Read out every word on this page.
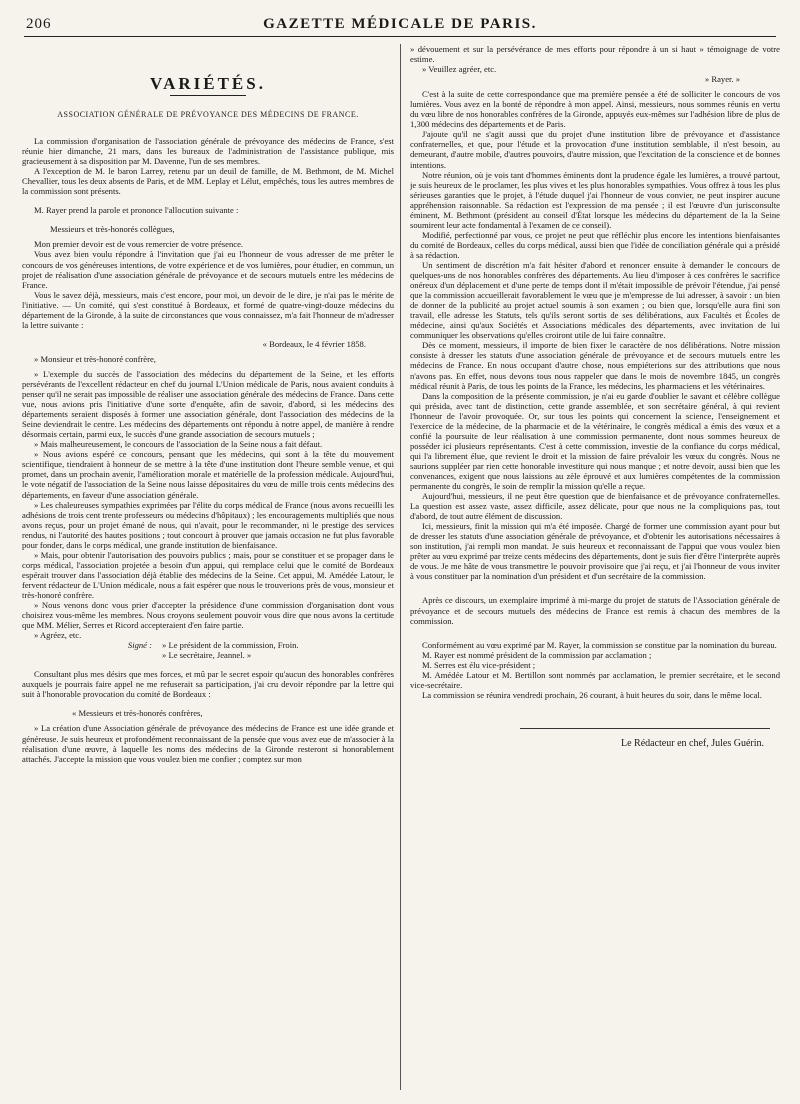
206	GAZETTE MÉDICALE DE PARIS.
VARIÉTÉS.
ASSOCIATION GÉNÉRALE DE PRÉVOYANCE DES MÉDECINS DE FRANCE.

La commission d'organisation de l'association générale de prévoyance des médecins de France, s'est réunie hier dimanche, 21 mars, dans les bureaux de l'administration de l'assistance publique, mis gracieusement à sa disposition par M. Davenne, l'un de ses membres.

A l'exception de M. le baron Larrey, retenu par un deuil de famille, de M. Bethmont, de M. Michel Chevallier, tous les deux absents de Paris, et de MM. Leplay et Lélut, empêchés, tous les autres membres de la commission sont présents.

M. Rayer prend la parole et prononce l'allocution suivante :

Messieurs et très-honorés collègues,

Mon premier devoir est de vous remercier de votre présence.

Vous avez bien voulu répondre à l'invitation que j'ai eu l'honneur de vous adresser de me prêter le concours de vos généreuses intentions, de votre expérience et de vos lumières, pour étudier, en commun, un projet de réalisation d'une association générale de prévoyance et de secours mutuels entre les médecins de France.

Vous le savez déjà, messieurs, mais c'est encore, pour moi, un devoir de le dire, je n'ai pas le mérite de l'initiative. — Un comité, qui s'est constitué à Bordeaux, et formé de quatre-vingt-douze médecins du département de la Gironde, à la suite de circonstances que vous connaissez, m'a fait l'honneur de m'adresser la lettre suivante :

« Bordeaux, le 4 février 1858.

» Monsieur et très-honoré confrère,

» L'exemple du succès de l'association des médecins du département de la Seine, et les efforts persévérants de l'excellent rédacteur en chef du journal L'Union médicale de Paris, nous avaient conduits à penser qu'il ne serait pas impossible de réaliser une association générale des médecins de France. Dans cette vue, nous avions pris l'initiative d'une sorte d'enquête, afin de savoir, d'abord, si les médecins des départements seraient disposés à former une association générale, dont l'association des médecins de la Seine deviendrait le centre. Les médecins des départements ont répondu à notre appel, de manière à rendre désormais certain, parmi eux, le succès d'une grande association de secours mutuels ;

» Mais malheureusement, le concours de l'association de la Seine nous a fait défaut.

» Nous avions espéré ce concours, pensant que les médecins, qui sont à la tête du mouvement scientifique, tiendraient à honneur de se mettre à la tête d'une institution dont l'heure semble venue, et qui promet, dans un prochain avenir, l'amélioration morale et matérielle de la profession médicale. Aujourd'hui, le vote négatif de l'association de la Seine nous laisse dépositaires du vœu de mille trois cents médecins des départements, en faveur d'une association générale.

» Les chaleureuses sympathies exprimées par l'élite du corps médical de France (nous avons recueilli les adhésions de trois cent trente professeurs ou médecins d'hôpitaux) ; les encouragements multipliés que nous avons reçus, pour un projet émané de nous, qui n'avait, pour le recommander, ni le prestige des services rendus, ni l'autorité des hautes positions ; tout concourt à prouver que jamais occasion ne fut plus favorable pour fonder, dans le corps médical, une grande institution de bienfaisance.

» Mais, pour obtenir l'autorisation des pouvoirs publics ; mais, pour se constituer et se propager dans le corps médical, l'association projetée a besoin d'un appui, qui remplace celui que le comité de Bordeaux espérait trouver dans l'association déjà établie des médecins de la Seine. Cet appui, M. Amédée Latour, le fervent rédacteur de L'Union médicale, nous a fait espérer que nous le trouverions près de vous, monsieur et très-honoré confrère.

» Nous venons donc vous prier d'accepter la présidence d'une commission d'organisation dont vous choisirez vous-même les membres. Nous croyons seulement pouvoir vous dire que nous avons la certitude que MM. Mélier, Serres et Ricord accepteraient d'en faire partie.

» Agréez, etc.

Signé : » Le président de la commission, Froin.
» Le secrétaire, Jeannel. »

Consultant plus mes désirs que mes forces, et mû par le secret espoir qu'aucun des honorables confrères auxquels je pourrais faire appel ne me refuserait sa participation, j'ai cru devoir répondre par la lettre qui suit à l'honorable provocation du comité de Bordeaux :

« Messieurs et très-honorés confrères,

» La création d'une Association générale de prévoyance des médecins de France est une idée grande et généreuse. Je suis heureux et profondément reconnaissant de la pensée que vous avez eue de m'associer à la réalisation d'une œuvre, à laquelle les noms des médecins de la Gironde resteront si honorablement attachés. J'accepte la mission que vous voulez bien me confier ; comptez sur mon

» dévouement et sur la persévérance de mes efforts pour répondre à un si haut » témoignage de votre estime.

» Veuillez agréer, etc.

» Rayer. »

C'est à la suite de cette correspondance que ma première pensée a été de solliciter le concours de vos lumières. Vous avez en la bonté de répondre à mon appel. Ainsi, messieurs, nous sommes réunis en vertu du vœu libre de nos honorables confrères de la Gironde, appuyés eux-mêmes sur l'adhésion libre de plus de 1,300 médecins des départements et de Paris.

J'ajoute qu'il ne s'agit aussi que du projet d'une institution libre de prévoyance et d'assistance confraternelles, et que, pour l'étude et la provocation d'une institution semblable, il n'est besoin, au demeurant, d'autre mobile, d'autres pouvoirs, d'autre mission, que l'excitation de la conscience et de bonnes intentions.

Notre réunion, où je vois tant d'hommes éminents dont la prudence égale les lumières, a trouvé partout, je suis heureux de le proclamer, les plus vives et les plus honorables sympathies. Vous offrez à tous les plus sérieuses garanties que le projet, à l'étude duquel j'ai l'honneur de vous convier, ne peut inspirer aucune appréhension raisonnable. Sa rédaction est l'expression de ma pensée ; il est l'œuvre d'un jurisconsulte éminent, M. Bethmont (président au conseil d'État lorsque les médecins du département de la la Seine soumirent leur acte fondamental à l'examen de ce conseil).

Modifié, perfectionné par vous, ce projet ne peut que réfléchir plus encore les intentions bienfaisantes du comité de Bordeaux, celles du corps médical, aussi bien que l'idée de conciliation générale qui a présidé à sa rédaction.

Un sentiment de discrétion m'a fait hésiter d'abord et renoncer ensuite à demander le concours de quelques-uns de nos honorables confrères des départements. Au lieu d'imposer à ces confrères le sacrifice onéreux d'un déplacement et d'une perte de temps dont il m'était impossible de prévoir l'étendue, j'ai pensé que la commission accueillerait favorablement le vœu que je m'empresse de lui adresser, à savoir : un bien de donner de la publicité au projet actuel soumis à son examen ; ou bien que, lorsqu'elle aura fini son travail, elle adresse les Statuts, tels qu'ils seront sortis de ses délibérations, aux Facultés et Écoles de médecine, ainsi qu'aux Sociétés et Associations médicales des départements, avec invitation de lui communiquer les observations qu'elles croiront utile de lui faire connaître.

Dès ce moment, messieurs, il importe de bien fixer le caractère de nos délibérations. Notre mission consiste à dresser les statuts d'une association générale de prévoyance et de secours mutuels entre les médecins de France. En nous occupant d'autre chose, nous empiéterions sur des attributions que nous n'avons pas. En effet, nous devons tous nous rappeler que dans le mois de novembre 1845, un congrès médical réunit à Paris, de tous les points de la France, les médecins, les pharmaciens et les vétérinaires.

Dans la composition de la présente commission, je n'ai eu garde d'oublier le savant et célèbre collègue qui présida, avec tant de distinction, cette grande assemblée, et son secrétaire général, à qui revient l'honneur de l'avoir provoquée. Or, sur tous les points qui concernent la science, l'enseignement et l'exercice de la médecine, de la pharmacie et de la vétérinaire, le congrès médical a émis des vœux et a confié la poursuite de leur réalisation à une commission permanente, dont nous sommes heureux de posséder ici plusieurs représentants. C'est à cette commission, investie de la confiance du corps médical, qui l'a librement élue, que revient le droit et la mission de faire prévaloir les vœux du congrès. Nous ne saurions suppléer par rien cette honorable investiture qui nous manque ; et notre devoir, aussi bien que les convenances, exigent que nous laissions au zèle éprouvé et aux lumières compétentes de la commission permanente du congrès, le soin de remplir la mission qu'elle a reçue.

Aujourd'hui, messieurs, il ne peut être question que de bienfaisance et de prévoyance confraternelles. La question est assez vaste, assez difficile, assez délicate, pour que nous ne la compliquions pas, tout d'abord, de tout autre élément de discussion.

Ici, messieurs, finit la mission qui m'a été imposée. Chargé de former une commission ayant pour but de dresser les statuts d'une association générale de prévoyance, et d'obtenir les autorisations nécessaires à son institution, j'ai rempli mon mandat. Je suis heureux et reconnaissant de l'appui que vous voulez bien prêter au vœu exprimé par treize cents médecins des départements, dont je suis fier d'être l'interprète auprès de vous. Je me hâte de vous transmettre le pouvoir provisoire que j'ai reçu, et j'ai l'honneur de vous inviter à vous constituer par la nomination d'un président et d'un secrétaire de la commission.

Après ce discours, un exemplaire imprimé à mi-marge du projet de statuts de l'Association générale de prévoyance et de secours mutuels des médecins de France est remis à chacun des membres de la commission.

Conformément au vœu exprimé par M. Rayer, la commission se constitue par la nomination du bureau.

M. Rayer est nommé président de la commission par acclamation ;

M. Serres est élu vice-président ;

M. Amédée Latour et M. Bertillon sont nommés par acclamation, le premier secrétaire, et le second vice-secrétaire.

La commission se réunira vendredi prochain, 26 courant, à huit heures du soir, dans le même local.

Le Rédacteur en chef, Jules Guérin.
